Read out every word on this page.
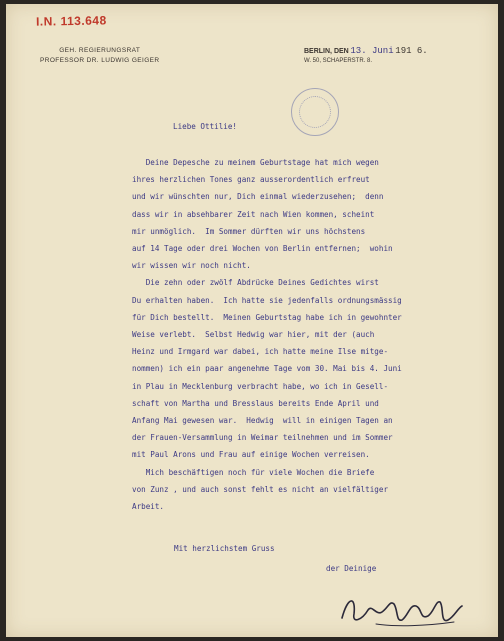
I.N. 113.648
GEH. REGIERUNGSRAT
PROFESSOR DR. LUDWIG GEIGER
BERLIN, DEN 13. Juni 191 6.
W. 50, SCHAPERSTR. 8.
Liebe Ottilie!
Deine Depesche zu meinem Geburtstage hat mich wegen
ihres herzlichen Tones ganz ausserordentlich erfreut
und wir wünschten nur, Dich einmal wiederzusehen;  denn
dass wir in absehbarer Zeit nach Wien kommen, scheint
mir unmöglich.  Im Sommer dürften wir uns höchstens
auf 14 Tage oder drei Wochen von Berlin entfernen;  wohin
wir wissen wir noch nicht.
Die zehn oder zwölf Abdrücke Deines Gedichtes wirst
Du erhalten haben.  Ich hatte sie jedenfalls ordnungsmässig
für Dich bestellt.  Meinen Geburtstag habe ich in gewohnter
Weise verlebt.  Selbst Hedwig war hier, mit der (auch
Heinz und Irmgard war dabei, ich hatte meine Ilse mitge-
nommen) ich ein paar angenehme Tage vom 30. Mai bis 4. Juni
in Plau in Mecklenburg verbracht habe, wo ich in Gesell-
schaft von Martha und Bresslaus bereits Ende April und
Anfang Mai gewesen war.  Hedwig  will in einigen Tagen an
der Frauen-Versammlung in Weimar teilnehmen und im Sommer
mit Paul Arons und Frau auf einige Wochen verreisen.
Mich beschäftigen noch für viele Wochen die Briefe
von Zunz , und auch sonst fehlt es nicht an vielfältiger
Arbeit.
Mit herzlichstem Gruss
der Deinige
